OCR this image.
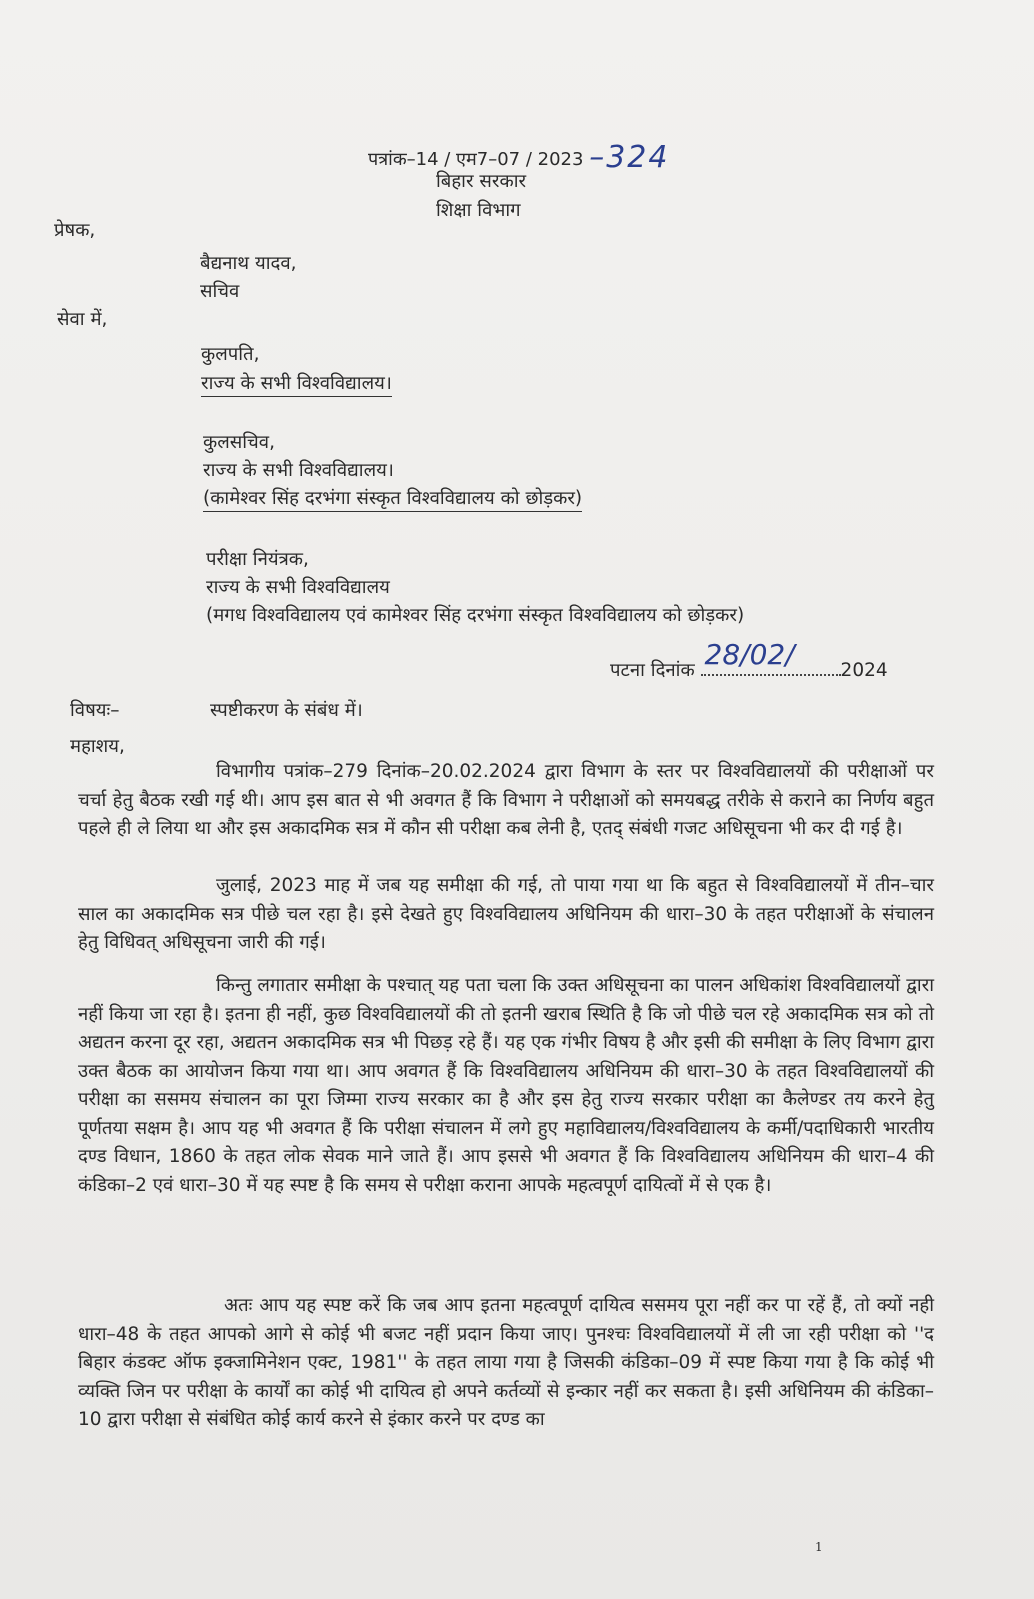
पत्रांक–14 / एम7–07 / 2023 –324
बिहार सरकार
शिक्षा विभाग
प्रेषक,
बैद्यनाथ यादव,
सचिव
सेवा में,
कुलपति,
राज्य के सभी विश्वविद्यालय।
कुलसचिव,
राज्य के सभी विश्वविद्यालय।
(कामेश्वर सिंह दरभंगा संस्कृत विश्वविद्यालय को छोड़कर)
परीक्षा नियंत्रक,
राज्य के सभी विश्वविद्यालय
(मगध विश्वविद्यालय एवं कामेश्वर सिंह दरभंगा संस्कृत विश्वविद्यालय को छोड़कर)
पटना दिनांक 28/02/ 2024
विषयः–	स्पष्टीकरण के संबंध में।
महाशय,
विभागीय पत्रांक–279 दिनांक–20.02.2024 द्वारा विभाग के स्तर पर विश्वविद्यालयों की परीक्षाओं पर चर्चा हेतु बैठक रखी गई थी। आप इस बात से भी अवगत हैं कि विभाग ने परीक्षाओं को समयबद्ध तरीके से कराने का निर्णय बहुत पहले ही ले लिया था और इस अकादमिक सत्र में कौन सी परीक्षा कब लेनी है, एतद् संबंधी गजट अधिसूचना भी कर दी गई है।
जुलाई, 2023 माह में जब यह समीक्षा की गई, तो पाया गया था कि बहुत से विश्वविद्यालयों में तीन–चार साल का अकादमिक सत्र पीछे चल रहा है। इसे देखते हुए विश्वविद्यालय अधिनियम की धारा–30 के तहत परीक्षाओं के संचालन हेतु विधिवत् अधिसूचना जारी की गई।
किन्तु लगातार समीक्षा के पश्चात् यह पता चला कि उक्त अधिसूचना का पालन अधिकांश विश्वविद्यालयों द्वारा नहीं किया जा रहा है। इतना ही नहीं, कुछ विश्वविद्यालयों की तो इतनी खराब स्थिति है कि जो पीछे चल रहे अकादमिक सत्र को तो अद्यतन करना दूर रहा, अद्यतन अकादमिक सत्र भी पिछड़ रहे हैं। यह एक गंभीर विषय है और इसी की समीक्षा के लिए विभाग द्वारा उक्त बैठक का आयोजन किया गया था। आप अवगत हैं कि विश्वविद्यालय अधिनियम की धारा–30 के तहत विश्वविद्यालयों की परीक्षा का ससमय संचालन का पूरा जिम्मा राज्य सरकार का है और इस हेतु राज्य सरकार परीक्षा का कैलेण्डर तय करने हेतु पूर्णतया सक्षम है। आप यह भी अवगत हैं कि परीक्षा संचालन में लगे हुए महाविद्यालय/विश्वविद्यालय के कर्मी/पदाधिकारी भारतीय दण्ड विधान, 1860 के तहत लोक सेवक माने जाते हैं। आप इससे भी अवगत हैं कि विश्वविद्यालय अधिनियम की धारा–4 की कंडिका–2 एवं धारा–30 में यह स्पष्ट है कि समय से परीक्षा कराना आपके महत्वपूर्ण दायित्वों में से एक है।
अतः आप यह स्पष्ट करें कि जब आप इतना महत्वपूर्ण दायित्व ससमय पूरा नहीं कर पा रहें हैं, तो क्यों नही धारा–48 के तहत आपको आगे से कोई भी बजट नहीं प्रदान किया जाए। पुनश्चः विश्वविद्यालयों में ली जा रही परीक्षा को ''द बिहार कंडक्ट ऑफ इक्जामिनेशन एक्ट, 1981'' के तहत लाया गया है जिसकी कंडिका–09 में स्पष्ट किया गया है कि कोई भी व्यक्ति जिन पर परीक्षा के कार्यों का कोई भी दायित्व हो अपने कर्तव्यों से इन्कार नहीं कर सकता है। इसी अधिनियम की कंडिका–10 द्वारा परीक्षा से संबंधित कोई कार्य करने से इंकार करने पर दण्ड का
1
